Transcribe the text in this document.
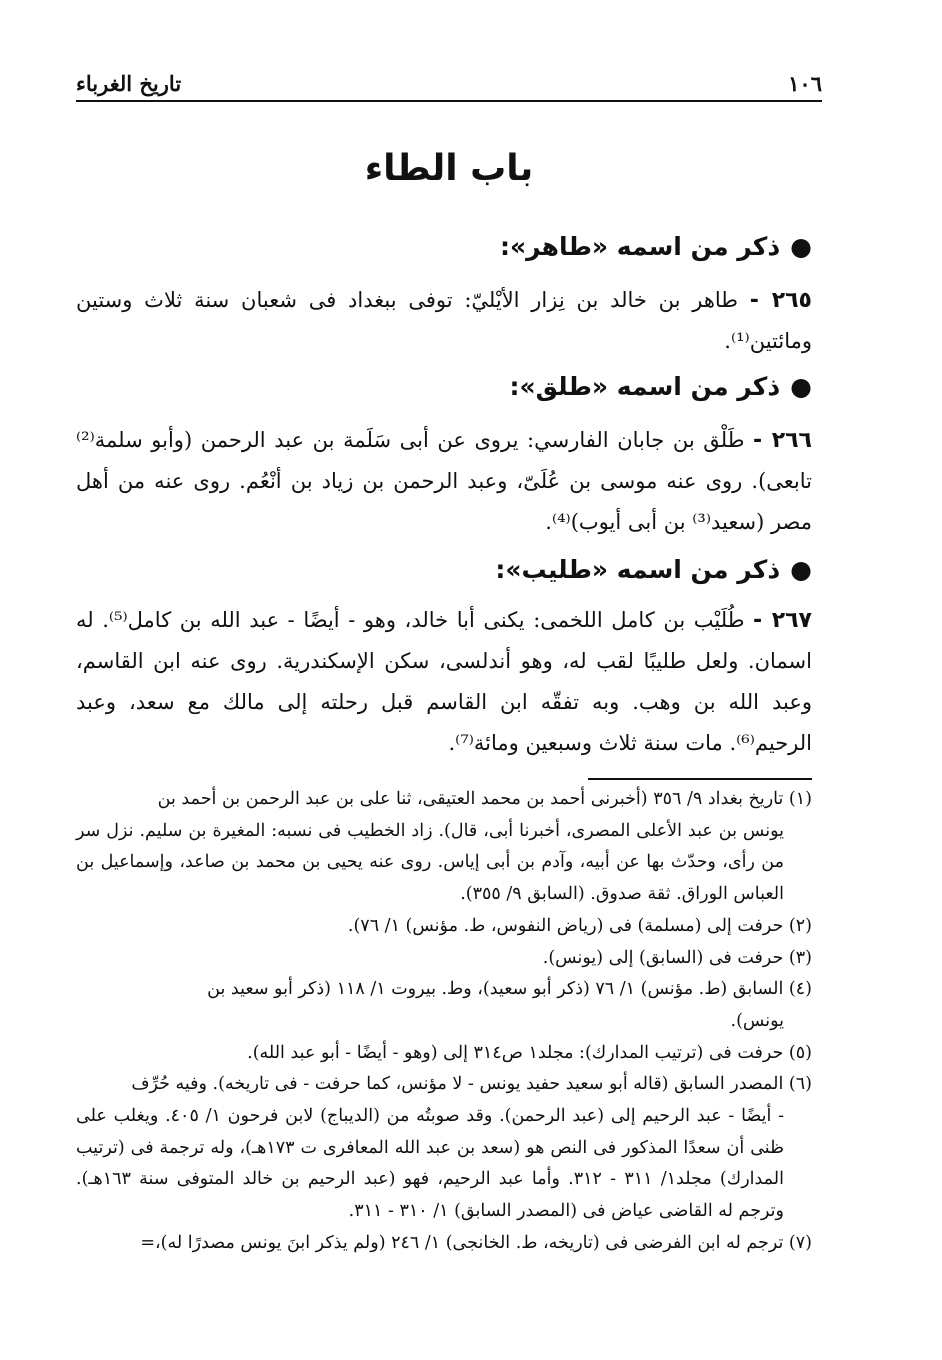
١٠٦
تاريخ الغرباء
باب الطاء
●ذكر من اسمه «طاهر»:
٢٦٥ - طاهر بن خالد بن نِزار الأيْليّ: توفى ببغداد فى شعبان سنة ثلاث وستين ومائتين⁽¹⁾.
●ذكر من اسمه «طلق»:
٢٦٦ - طَلْق بن جابان الفارسي: يروى عن أبى سَلَمة بن عبد الرحمن (وأبو سلمة⁽²⁾ تابعى). روى عنه موسى بن عُلَىّ، وعبد الرحمن بن زياد بن أنْعُم. روى عنه من أهل مصر (سعيد⁽³⁾ بن أبى أيوب)⁽⁴⁾.
●ذكر من اسمه «طليب»:
٢٦٧ - طُلَيْب بن كامل اللخمى: يكنى أبا خالد، وهو - أيضًا - عبد الله بن كامل⁽⁵⁾. له اسمان. ولعل طليبًا لقب له، وهو أندلسى، سكن الإسكندرية. روى عنه ابن القاسم، وعبد الله بن وهب. وبه تفقّه ابن القاسم قبل رحلته إلى مالك مع سعد، وعبد الرحيم⁽⁶⁾. مات سنة ثلاث وسبعين ومائة⁽⁷⁾.
(١) تاريخ بغداد ٩/ ٣٥٦ (أخبرنى أحمد بن محمد العتيقى، ثنا على بن عبد الرحمن بن أحمد بن
يونس بن عبد الأعلى المصرى، أخبرنا أبى، قال). زاد الخطيب فى نسبه: المغيرة بن سليم. نزل سر من رأى، وحدّث بها عن أبيه، وآدم بن أبى إياس. روى عنه يحيى بن محمد بن صاعد، وإسماعيل بن العباس الوراق. ثقة صدوق. (السابق ٩/ ٣٥٥).
(٢) حرفت إلى (مسلمة) فى (رياض النفوس، ط. مؤنس) ١/ ٧٦).
(٣) حرفت فى (السابق) إلى (يونس).
(٤) السابق (ط. مؤنس) ١/ ٧٦ (ذكر أبو سعيد)، وط. بيروت ١/ ١١٨ (ذكر أبو سعيد بن
يونس).
(٥) حرفت فى (ترتيب المدارك): مجلد١ ص٣١٤ إلى (وهو - أيضًا - أبو عبد الله).
(٦) المصدر السابق (قاله أبو سعيد حفيد يونس - لا مؤنس، كما حرفت - فى تاريخه). وفيه حُرِّف
- أيضًا - عبد الرحيم إلى (عبد الرحمن). وقد صوبتُه من (الديباج) لابن فرحون ١/ ٤٠٥. ويغلب على ظنى أن سعدًا المذكور فى النص هو (سعد بن عبد الله المعافرى ت ١٧٣هـ)، وله ترجمة فى (ترتيب المدارك) مجلد١/ ٣١١ - ٣١٢. وأما عبد الرحيم، فهو (عبد الرحيم بن خالد المتوفى سنة ١٦٣هـ). وترجم له القاضى عياض فى (المصدر السابق) ١/ ٣١٠ - ٣١١.
(٧) ترجم له ابن الفرضى فى (تاريخه، ط. الخانجى) ١/ ٢٤٦ (ولم يذكر ابنَ يونس مصدرًا له)،=
